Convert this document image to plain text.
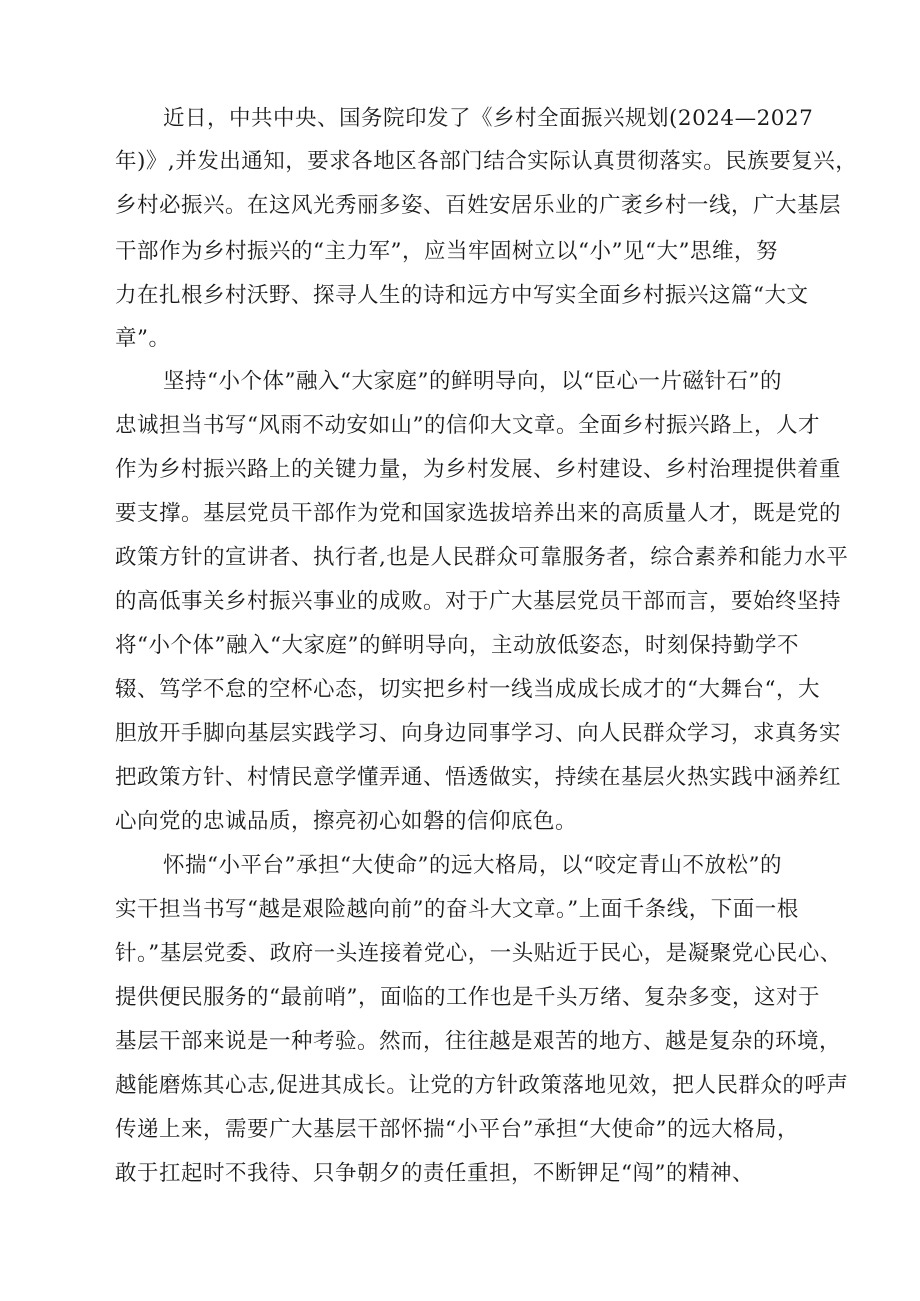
近日，中共中央、国务院印发了《乡村全面振兴规划(2024—2027
年)》,并发出通知，要求各地区各部门结合实际认真贯彻落实。民族要复兴，
乡村必振兴。在这风光秀丽多姿、百姓安居乐业的广袤乡村一线，广大基层
干部作为乡村振兴的“主力军”，应当牢固树立以“小”见“大”思维，努
力在扎根乡村沃野、探寻人生的诗和远方中写实全面乡村振兴这篇“大文
章”。
坚持“小个体”融入“大家庭”的鲜明导向，以“臣心一片磁针石”的
忠诚担当书写“风雨不动安如山”的信仰大文章。全面乡村振兴路上，人才
作为乡村振兴路上的关键力量，为乡村发展、乡村建设、乡村治理提供着重
要支撑。基层党员干部作为党和国家选拔培养出来的高质量人才，既是党的
政策方针的宣讲者、执行者,也是人民群众可靠服务者，综合素养和能力水平
的高低事关乡村振兴事业的成败。对于广大基层党员干部而言，要始终坚持
将“小个体”融入“大家庭”的鲜明导向，主动放低姿态，时刻保持勤学不
辍、笃学不怠的空杯心态，切实把乡村一线当成成长成才的“大舞台“，大
胆放开手脚向基层实践学习、向身边同事学习、向人民群众学习，求真务实
把政策方针、村情民意学懂弄通、悟透做实，持续在基层火热实践中涵养红
心向党的忠诚品质，擦亮初心如磐的信仰底色。
怀揣“小平台”承担“大使命”的远大格局，以“咬定青山不放松”的
实干担当书写“越是艰险越向前”的奋斗大文章。”上面千条线，下面一根
针。”基层党委、政府一头连接着党心，一头贴近于民心，是凝聚党心民心、
提供便民服务的“最前哨”，面临的工作也是千头万绪、复杂多变，这对于
基层干部来说是一种考验。然而，往往越是艰苦的地方、越是复杂的环境，
越能磨炼其心志,促进其成长。让党的方针政策落地见效，把人民群众的呼声
传递上来，需要广大基层干部怀揣“小平台”承担“大使命”的远大格局，
敢于扛起时不我待、只争朝夕的责任重担，不断钾足“闯”的精神、
